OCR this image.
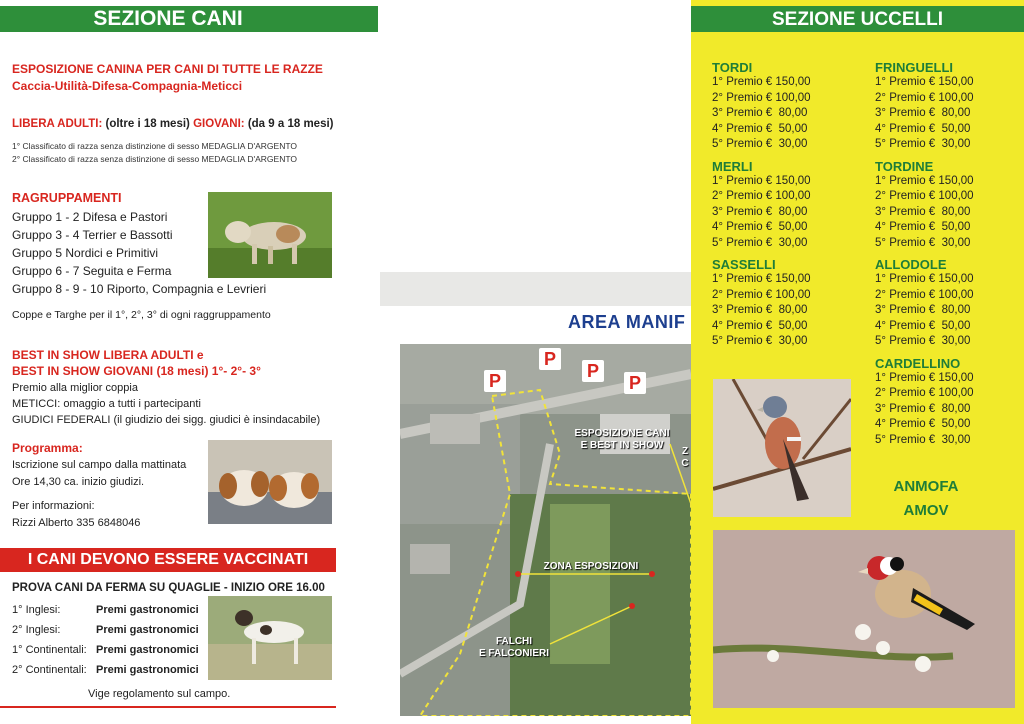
SEZIONE CANI
ESPOSIZIONE CANINA PER CANI DI TUTTE LE RAZZE
Caccia-Utilità-Difesa-Compagnia-Meticci
LIBERA ADULTI: (oltre i 18 mesi) GIOVANI: (da 9 a 18 mesi)
1° Classificato di razza senza distinzione di sesso MEDAGLIA D'ARGENTO
2° Classificato di razza senza distinzione di sesso MEDAGLIA D'ARGENTO
RAGRUPPAMENTI
Gruppo 1 - 2 Difesa e Pastori
Gruppo 3 - 4 Terrier e Bassotti
Gruppo 5 Nordici e Primitivi
Gruppo 6 - 7 Seguita e Ferma
Gruppo 8 - 9 - 10 Riporto, Compagnia e Levrieri
Coppe e Targhe per il 1°, 2°, 3° di ogni raggruppamento
BEST IN SHOW LIBERA ADULTI e
BEST IN SHOW GIOVANI (18 mesi) 1°- 2°- 3°
Premio alla miglior coppia
METICCI: omaggio a tutti i partecipanti
GIUDICI FEDERALI (il giudizio dei sigg. giudici è insindacabile)
Programma:
Iscrizione sul campo dalla mattinata
Ore 14,30 ca. inizio giudizi.
Per informazioni:
Rizzi Alberto 335 6848046
I CANI DEVONO ESSERE VACCINATI
PROVA CANI DA FERMA SU QUAGLIE - INIZIO ORE 16.00
1° Inglesi:	Premi gastronomici
2° Inglesi:	Premi gastronomici
1° Continentali: Premi gastronomici
2° Continentali: Premi gastronomici
Vige regolamento sul campo.
AREA MANIF
P
P
P
P
ESPOSIZIONE CANI
E BEST IN SHOW
ZONA ESPOSIZIONI
FALCHI
E FALCONIERI
Z
C
SEZIONE UCCELLI
TORDI
1° Premio € 150,00
2° Premio € 100,00
3° Premio €  80,00
4° Premio €  50,00
5° Premio €  30,00
MERLI
1° Premio € 150,00
2° Premio € 100,00
3° Premio €  80,00
4° Premio €  50,00
5° Premio €  30,00
SASSELLI
1° Premio € 150,00
2° Premio € 100,00
3° Premio €  80,00
4° Premio €  50,00
5° Premio €  30,00
FRINGUELLI
1° Premio € 150,00
2° Premio € 100,00
3° Premio €  80,00
4° Premio €  50,00
5° Premio €  30,00
TORDINE
1° Premio € 150,00
2° Premio € 100,00
3° Premio €  80,00
4° Premio €  50,00
5° Premio €  30,00
ALLODOLE
1° Premio € 150,00
2° Premio € 100,00
3° Premio €  80,00
4° Premio €  50,00
5° Premio €  30,00
CARDELLINO
1° Premio € 150,00
2° Premio € 100,00
3° Premio €  80,00
4° Premio €  50,00
5° Premio €  30,00
ANMOFA
AMOV
